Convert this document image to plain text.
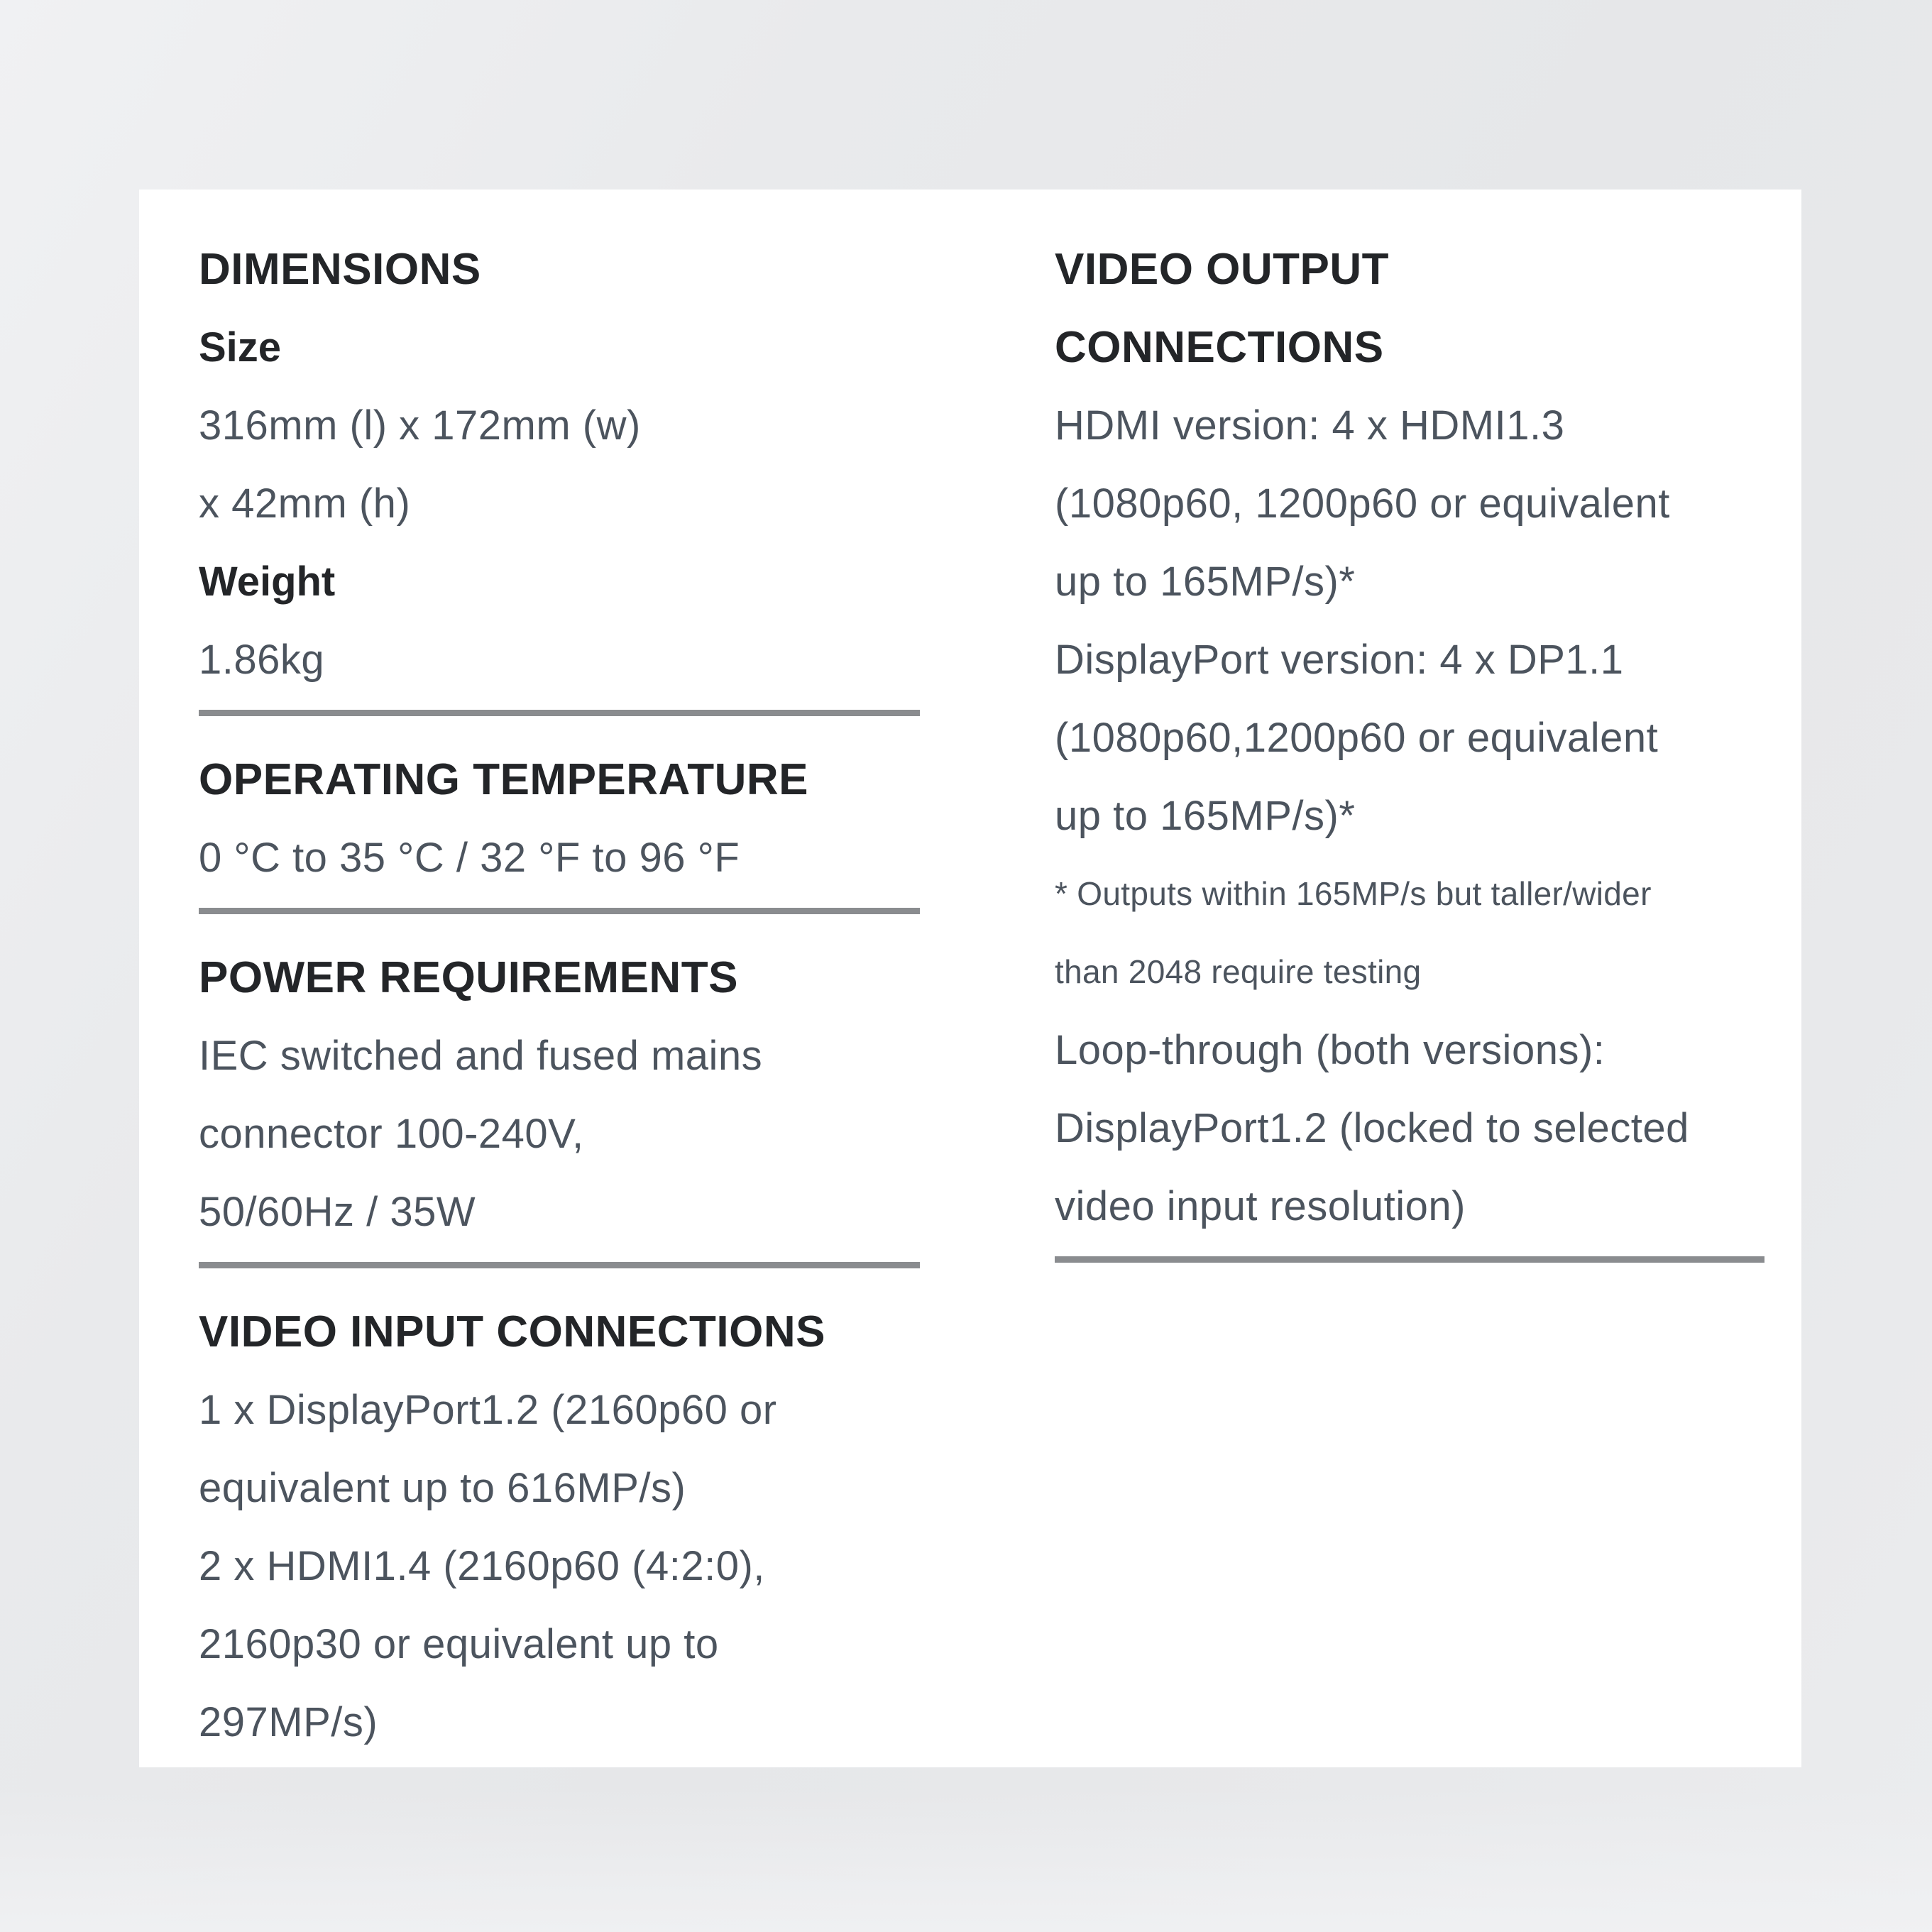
DIMENSIONS
Size
316mm (l) x 172mm (w)
x 42mm (h)
Weight
1.86kg
OPERATING TEMPERATURE
0 °C to 35 °C / 32 °F to 96 °F
POWER REQUIREMENTS
IEC switched and fused mains
connector 100-240V,
50/60Hz / 35W
VIDEO INPUT CONNECTIONS
1 x DisplayPort1.2 (2160p60 or
equivalent up to 616MP/s)
2 x HDMI1.4 (2160p60 (4:2:0),
2160p30 or equivalent up to
297MP/s)
VIDEO OUTPUT
CONNECTIONS
HDMI version: 4 x HDMI1.3
(1080p60, 1200p60 or equivalent
up to 165MP/s)*
DisplayPort version: 4 x DP1.1
(1080p60,1200p60 or equivalent
up to 165MP/s)*
* Outputs within 165MP/s but taller/wider
than 2048 require testing
Loop-through (both versions):
DisplayPort1.2 (locked to selected
video input resolution)
